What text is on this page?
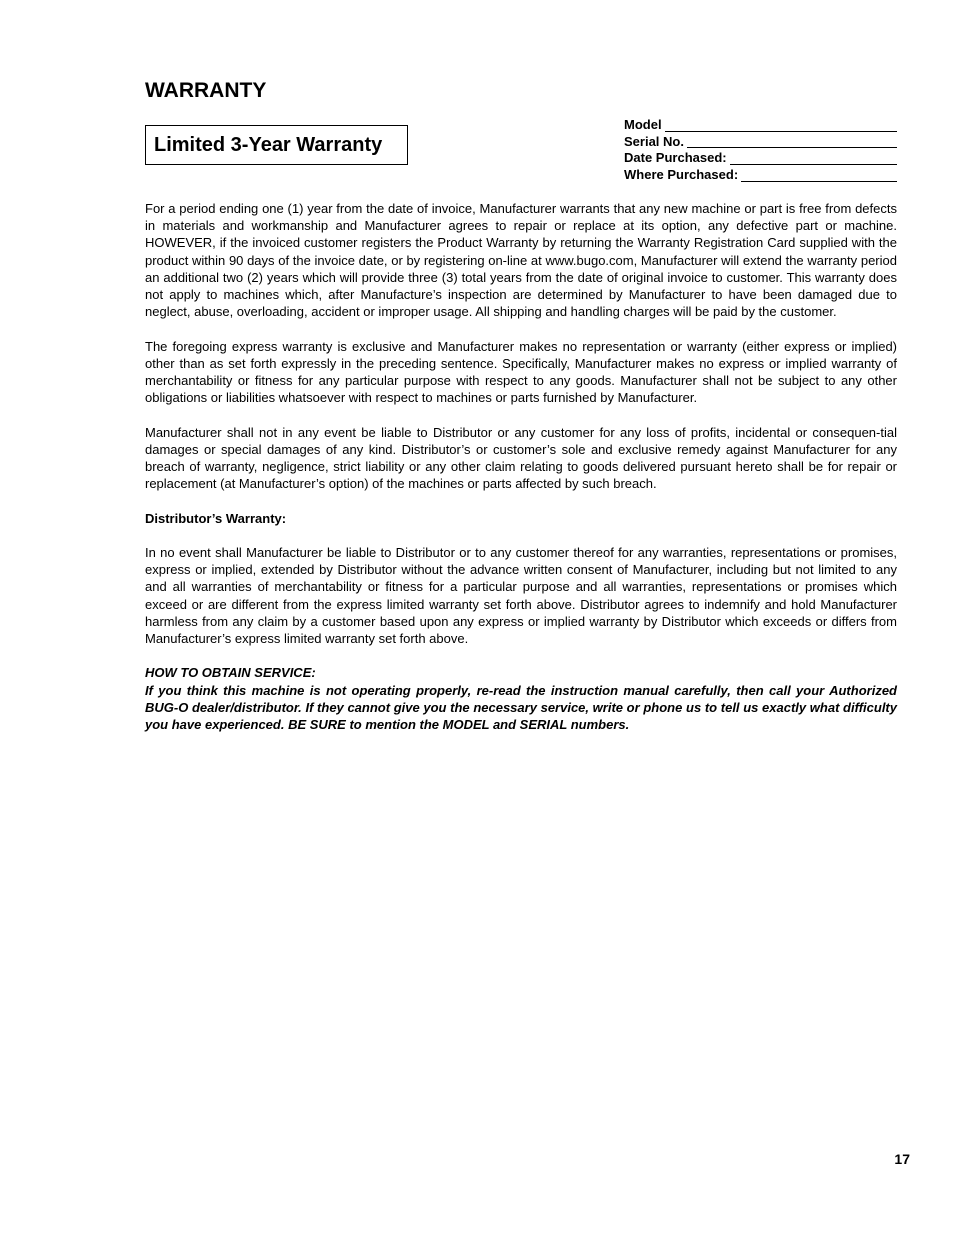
WARRANTY
Limited 3-Year Warranty
Model
Serial No.
Date Purchased:
Where Purchased:

For a period ending one (1) year from the date of invoice, Manufacturer warrants that any new machine or part is free from defects in materials and workmanship and Manufacturer agrees to repair or replace at its option, any defective part or machine. HOWEVER, if the invoiced customer registers the Product Warranty by returning the Warranty Registration Card supplied with the product within 90 days of the invoice date, or by registering on-line at www.bugo.com, Manufacturer will extend the warranty period an additional two (2) years which will provide three (3) total years from the date of original invoice to customer. This warranty does not apply to machines which, after Manufacture’s inspection are determined by Manufacturer to have been damaged due to neglect, abuse, overloading, accident or improper usage. All shipping and handling charges will be paid by the customer.

The foregoing express warranty is exclusive and Manufacturer makes no representation or warranty (either express or implied) other than as set forth expressly in the preceding sentence. Specifically, Manufacturer makes no express or implied warranty of merchantability or fitness for any particular purpose with respect to any goods. Manufacturer shall not be subject to any other obligations or liabilities whatsoever with respect to machines or parts furnished by Manufacturer.

Manufacturer shall not in any event be liable to Distributor or any customer for any loss of profits, incidental or consequen-tial damages or special damages of any kind. Distributor’s or customer’s sole and exclusive remedy against Manufacturer for any breach of warranty, negligence, strict liability or any other claim relating to goods delivered pursuant hereto shall be for repair or replacement (at Manufacturer’s option) of the machines or parts affected by such breach.

Distributor’s Warranty:

In no event shall Manufacturer be liable to Distributor or to any customer thereof for any warranties, representations or promises, express or implied, extended by Distributor without the advance written consent of Manufacturer, including but not limited to any and all warranties of merchantability or fitness for a particular purpose and all warranties, representations or promises which exceed or are different from the express limited warranty set forth above. Distributor agrees to indemnify and hold Manufacturer harmless from any claim by a customer based upon any express or implied warranty by Distributor which exceeds or differs from Manufacturer’s express limited warranty set forth above.

HOW TO OBTAIN SERVICE:

If you think this machine is not operating properly, re-read the instruction manual carefully, then call your Authorized BUG-O dealer/distributor. If they cannot give you the necessary service, write or phone us to tell us exactly what difficulty you have experienced. BE SURE to mention the MODEL and SERIAL numbers.

17
